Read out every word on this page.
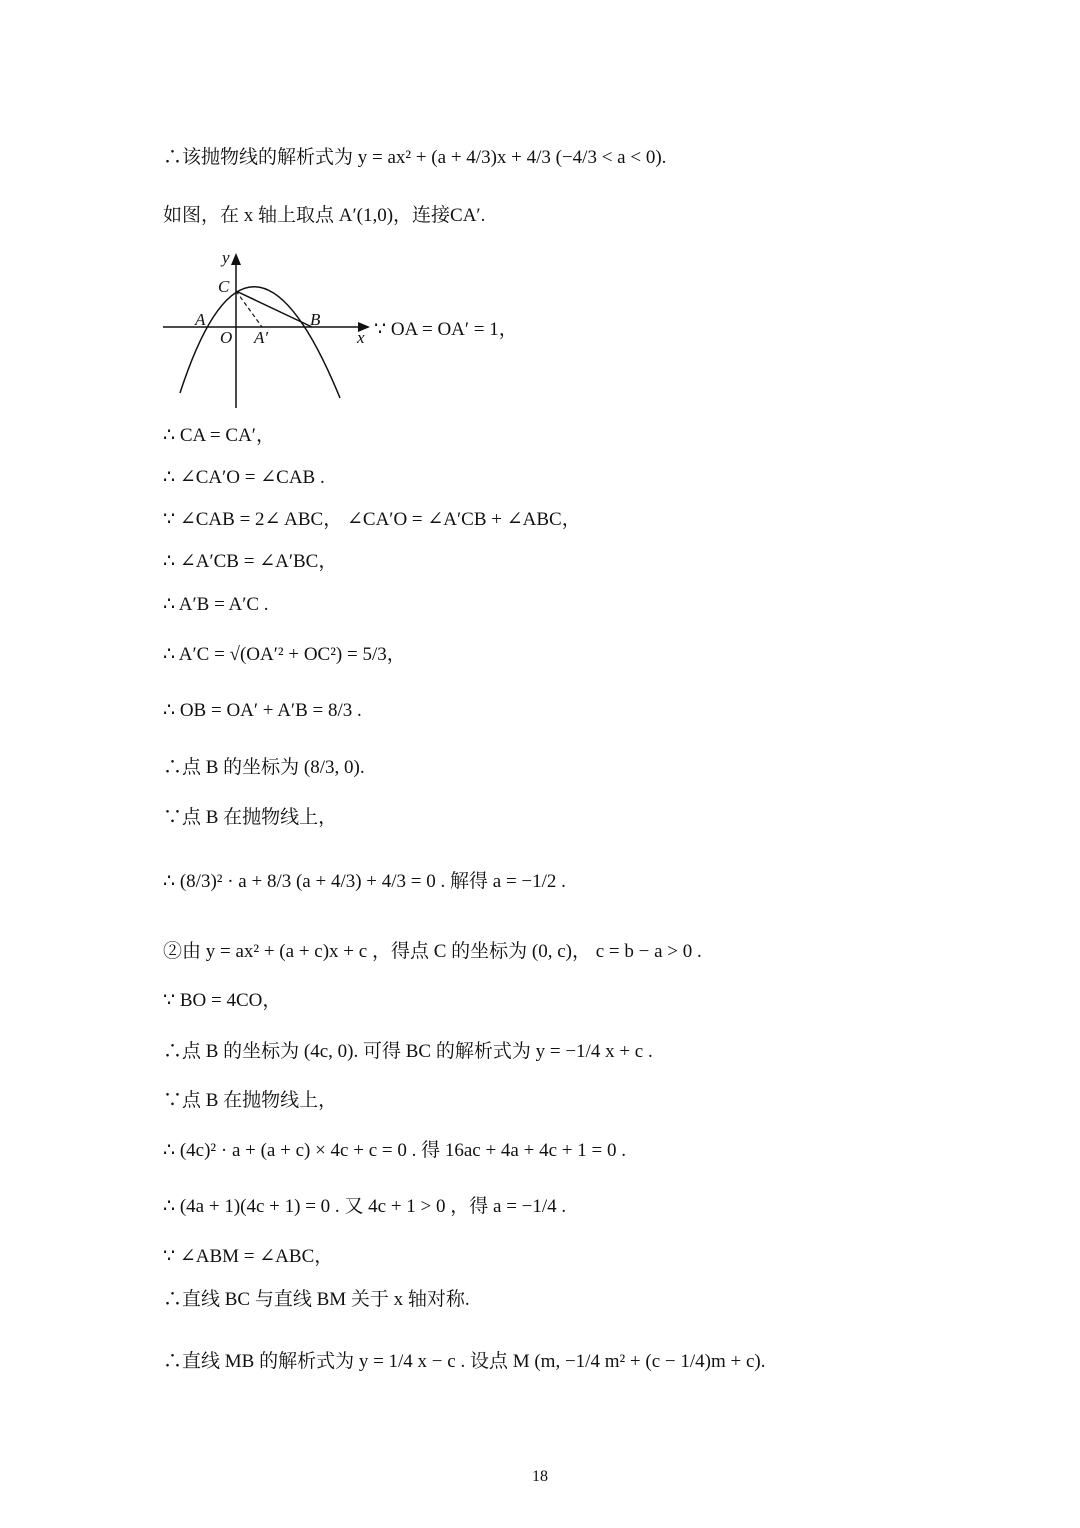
∴该抛物线的解析式为 y = ax² + (a + 4/3)x + 4/3 (−4/3 < a < 0).
如图，在 x 轴上取点 A′(1,0)，连接CA′.
y
x
C
A
O A′
B	∵ OA = OA′ = 1，
∴ CA = CA′，
∴ ∠CA′O = ∠CAB .
∵ ∠CAB = 2∠ ABC， ∠CA′O = ∠A′CB + ∠ABC，
∴ ∠A′CB = ∠A′BC，
∴ A′B = A′C .
∴ A′C = √(OA′² + OC²) = 5/3，
∴ OB = OA′ + A′B = 8/3 .
∴点 B 的坐标为 (8/3, 0).
∵点 B 在抛物线上，
∴ (8/3)² · a + 8/3 (a + 4/3) + 4/3 = 0 . 解得 a = −1/2 .
②由 y = ax² + (a + c)x + c ，得点 C 的坐标为 (0, c)， c = b − a > 0 .
∵ BO = 4CO，
∴点 B 的坐标为 (4c, 0). 可得 BC 的解析式为 y = −1/4 x + c .
∵点 B 在抛物线上，
∴ (4c)² · a + (a + c) × 4c + c = 0 . 得 16ac + 4a + 4c + 1 = 0 .
∴ (4a + 1)(4c + 1) = 0 . 又 4c + 1 > 0 ，得 a = −1/4 .
∵ ∠ABM = ∠ABC，
∴直线 BC 与直线 BM 关于 x 轴对称.
∴直线 MB 的解析式为 y = 1/4 x − c . 设点 M (m, −1/4 m² + (c − 1/4)m + c).
18
